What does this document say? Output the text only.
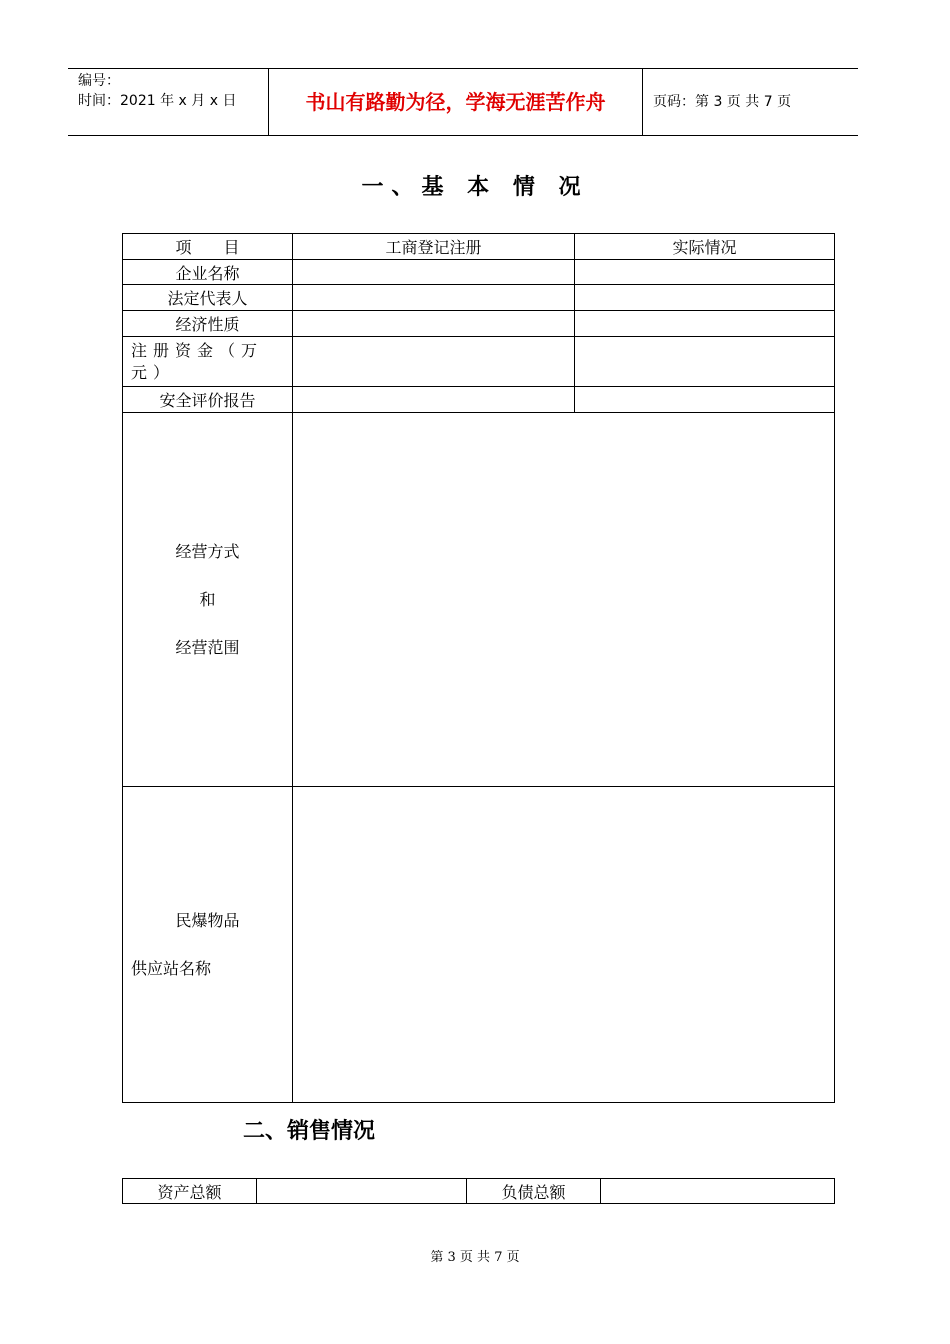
编号：
时间：2021 年 x 月 x 日	书山有路勤为径，学海无涯苦作舟	页码：第 3 页 共 7 页
一、基 本 情 况
项　　目	工商登记注册	实际情况
企业名称		
法定代表人		
经济性质		

注册资金（万元）		

安全评价报告		

经营方式
和
经营范围		

民爆物品
供应站名称		

二、销售情况
资产总额		负债总额	
第 3 页 共 7 页
